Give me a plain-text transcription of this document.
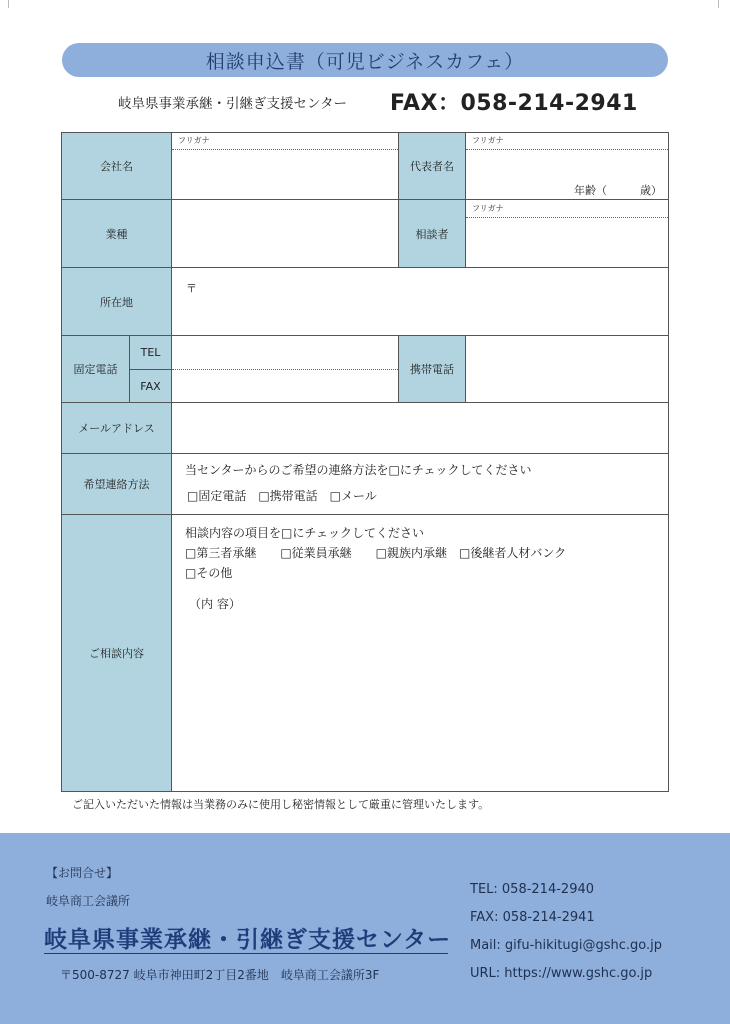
相談申込書（可児ビジネスカフェ）
岐阜県事業承継・引継ぎ支援センター FAX：058-214-2941
会社名
フリガナ
代表者名
フリガナ
年齢（　　　歳）
業種	相談者
フリガナ
所在地
〒
固定電話
TEL
FAX
携帯電話
メールアドレス
希望連絡方法
当センターからのご希望の連絡方法を□にチェックしてください
□固定電話　□携帯電話　□メール
ご相談内容
相談内容の項目を□にチェックしてください
□第三者承継　　□従業員承継　　□親族内承継　□後継者人材バンク
□その他
（内 容）
ご記入いただいた情報は当業務のみに使用し秘密情報として厳重に管理いたします。
【お問合せ】
岐阜商工会議所
岐阜県事業承継・引継ぎ支援センター
〒500-8727 岐阜市神田町2丁目2番地　岐阜商工会議所3F
TEL: 058-214-2940
FAX: 058-214-2941
Mail: gifu-hikitugi@gshc.go.jp
URL: https://www.gshc.go.jp
